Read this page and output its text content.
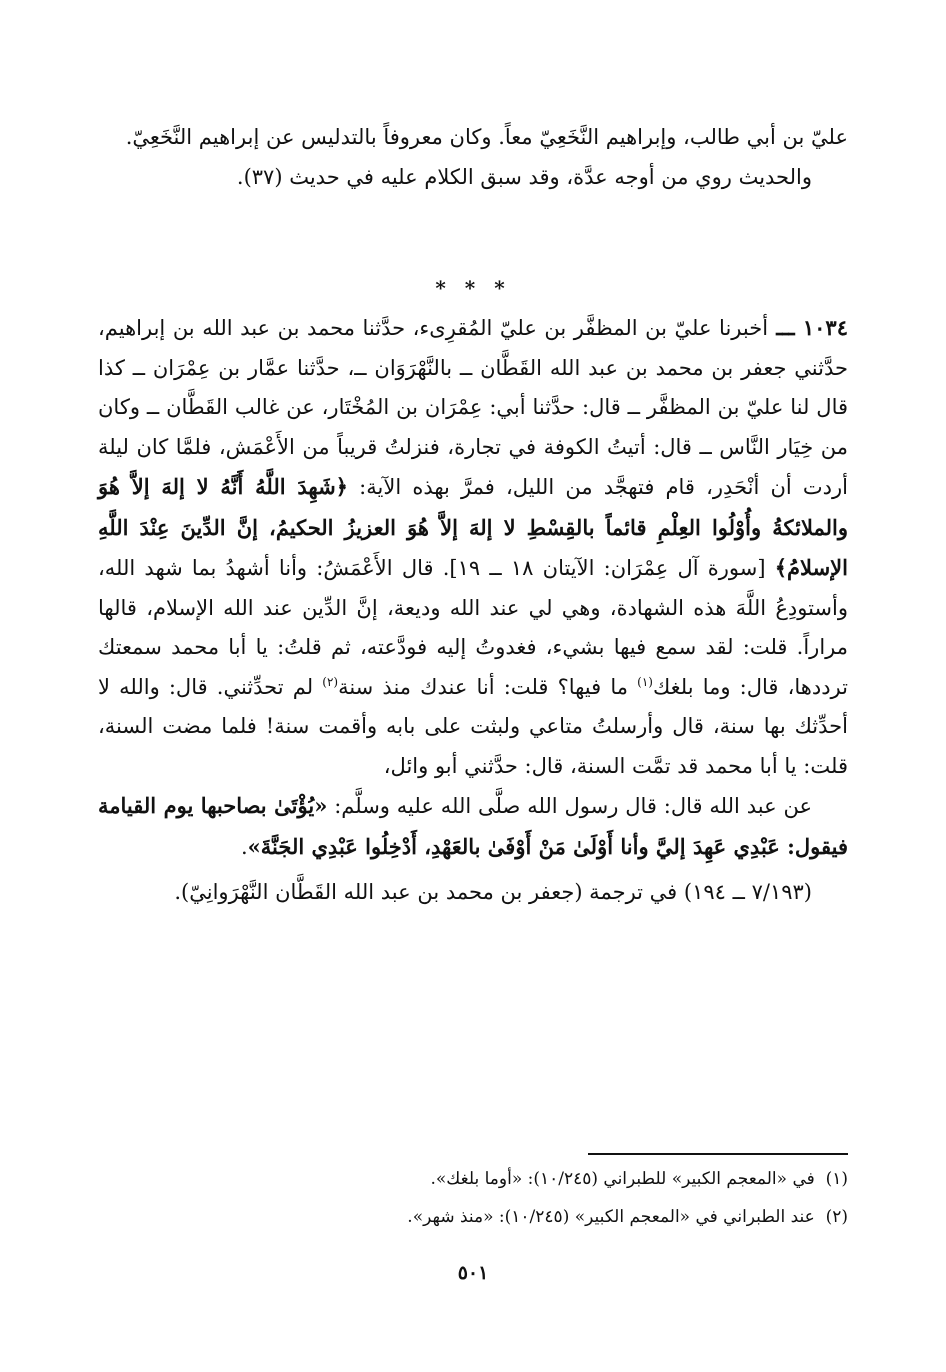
عليّ بن أبي طالب، وإبراهيم النَّخَعِيّ معاً. وكان معروفاً بالتدليس عن إبراهيم النَّخَعِيّ.

والحديث روي من أوجه عدَّة، وقد سبق الكلام عليه في حديث (٣٧).

* * *

١٠٣٤ ـــ أخبرنا عليّ بن المظفَّر بن عليّ المُقرِىء، حدَّثنا محمد بن عبد الله بن إبراهيم، حدَّثني جعفر بن محمد بن عبد الله القَطَّان ــ بالنَّهْرَوَان ــ، حدَّثنا عمَّار بن عِمْرَان ــ كذا قال لنا عليّ بن المظفَّر ــ قال: حدَّثنا أبي: عِمْرَان بن المُخْتَار، عن غالب القَطَّان ــ وكان من خِيَار النَّاس ــ قال: أتيتُ الكوفة في تجارة، فنزلتُ قريباً من الأَعْمَش، فلمَّا كان ليلة أردت أن أنْحَدِر، قام فتهجَّد من الليل، فمرَّ بهذه الآية: ﴿شَهِدَ اللَّهُ أَنَّهُ لا إلهَ إلاَّ هُوَ والملائكةُ وأُوْلُوا العِلْمِ قائماً بالقِسْطِ لا إلهَ إلاَّ هُوَ العزيزُ الحكيمُ، إنَّ الدِّينَ عِنْدَ اللَّهِ الإسلامُ﴾ [سورة آل عِمْرَان: الآيتان ١٨ ــ ١٩]. قال الأَعْمَشُ: وأنا أشهدُ بما شهد الله، وأستودِعُ اللَّهَ هذه الشهادة، وهي لي عند الله وديعة، إنَّ الدِّين عند الله الإسلام، قالها مراراً. قلت: لقد سمع فيها بشيء، فغدوتُ إليه فودَّعته، ثم قلتُ: يا أبا محمد سمعتك ترددها، قال: وما بلغك$^{(١)}$ ما فيها؟ قلت: أنا عندك منذ سنة$^{(٢)}$ لم تحدِّثني. قال: والله لا أحدِّثك بها سنة، قال وأرسلتُ متاعي ولبثت على بابه وأقمت سنة! فلما مضت السنة، قلت: يا أبا محمد قد تمَّت السنة، قال: حدَّثني أبو وائل،

عن عبد الله قال: قال رسول الله صلَّى الله عليه وسلَّم: «يُؤْتَىٰ بصاحبها يوم القيامة فيقول: عَبْدِي عَهِدَ إليَّ وأنا أَوْلَىٰ مَنْ أَوْفَىٰ بالعَهْدِ، أَدْخِلُوا عَبْدِي الجَنَّةَ».

(٧/١٩٣ ــ ١٩٤) في ترجمة (جعفر بن محمد بن عبد الله القَطَّان النَّهْرَوانِيّ).

(١)  في «المعجم الكبير» للطبراني (١٠/٢٤٥): «أوما بلغك».

(٢)  عند الطبراني في «المعجم الكبير» (١٠/٢٤٥): «منذ شهر».

٥٠١
